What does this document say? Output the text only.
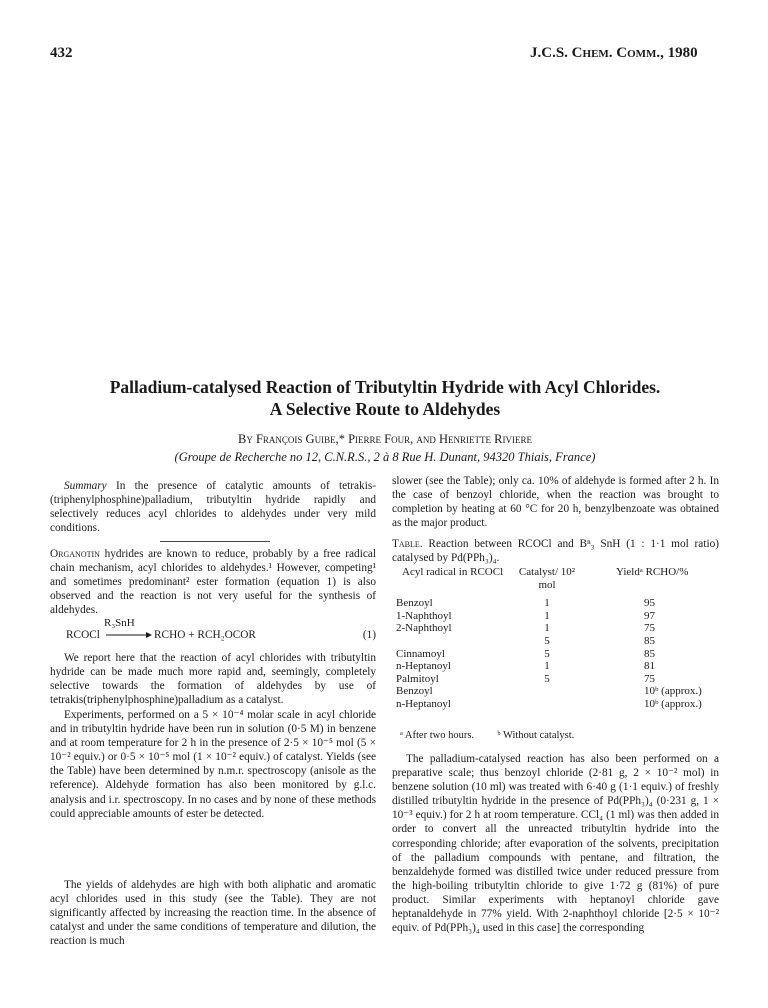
432	J.C.S. Chem. Comm., 1980
Palladium-catalysed Reaction of Tributyltin Hydride with Acyl Chlorides.
A Selective Route to Aldehydes
By François Guibe,* Pierre Four, and Henriette Riviere
(Groupe de Recherche no 12, C.N.R.S., 2 à 8 Rue H. Dunant, 94320 Thiais, France)

Summary In the presence of catalytic amounts of tetrakis-(triphenylphosphine)palladium, tributyltin hydride rapidly and selectively reduces acyl chlorides to aldehydes under very mild conditions.

Organotin hydrides are known to reduce, probably by a free radical chain mechanism, acyl chlorides to aldehydes.¹ However, competing¹ and sometimes predominant² ester formation (equation 1) is also observed and the reaction is not very useful for the synthesis of aldehydes.

R₃SnH
RCOCl	RCHO + RCH₂OCOR	(1)

We report here that the reaction of acyl chlorides with tributyltin hydride can be made much more rapid and, seemingly, completely selective towards the formation of aldehydes by use of tetrakis(triphenylphosphine)palladium as a catalyst.

Experiments, performed on a 5 × 10⁻⁴ molar scale in acyl chloride and in tributyltin hydride have been run in solution (0·5 M) in benzene and at room temperature for 2 h in the presence of 2·5 × 10⁻⁵ mol (5 × 10⁻² equiv.) or 0·5 × 10⁻⁵ mol (1 × 10⁻² equiv.) of catalyst. Yields (see the Table) have been determined by n.m.r. spectroscopy (anisole as the reference). Aldehyde formation has also been monitored by g.l.c. analysis and i.r. spectroscopy. In no cases and by none of these methods could appreciable amounts of ester be detected.

The yields of aldehydes are high with both aliphatic and aromatic acyl chlorides used in this study (see the Table). They are not significantly affected by increasing the reaction time. In the absence of catalyst and under the same conditions of temperature and dilution, the reaction is much

slower (see the Table); only ca. 10% of aldehyde is formed after 2 h. In the case of benzoyl chloride, when the reaction was brought to completion by heating at 60 °C for 20 h, benzylbenzoate was obtained as the major product.

Table. Reaction between RCOCl and Bⁿ₃ SnH (1 : 1·1 mol ratio) catalysed by Pd(PPh₃)₄.

Acyl radical in RCOCl	Catalyst/ 10² mol	Yieldᵃ RCHO/%

Benzoyl	1	95
1-Naphthoyl	1	97
2-Naphthoyl	1	75
	5	85
Cinnamoyl	5	85
n-Heptanoyl	1	81
Palmitoyl	5	75
Benzoyl		10ᵇ (approx.)
n-Heptanoyl		10ᵇ (approx.)
ᵃ After two hours. ᵇ Without catalyst.

The palladium-catalysed reaction has also been performed on a preparative scale; thus benzoyl chloride (2·81 g, 2 × 10⁻² mol) in benzene solution (10 ml) was treated with 6·40 g (1·1 equiv.) of freshly distilled tributyltin hydride in the presence of Pd(PPh₃)₄ (0·231 g, 1 × 10⁻³ equiv.) for 2 h at room temperature. CCl₄ (1 ml) was then added in order to convert all the unreacted tributyltin hydride into the corresponding chloride; after evaporation of the solvents, precipitation of the palladium compounds with pentane, and filtration, the benzaldehyde formed was distilled twice under reduced pressure from the high-boiling tributyltin chloride to give 1·72 g (81%) of pure product. Similar experiments with heptanoyl chloride gave heptanaldehyde in 77% yield. With 2-naphthoyl chloride [2·5 × 10⁻² equiv. of Pd(PPh₃)₄ used in this case] the corresponding
